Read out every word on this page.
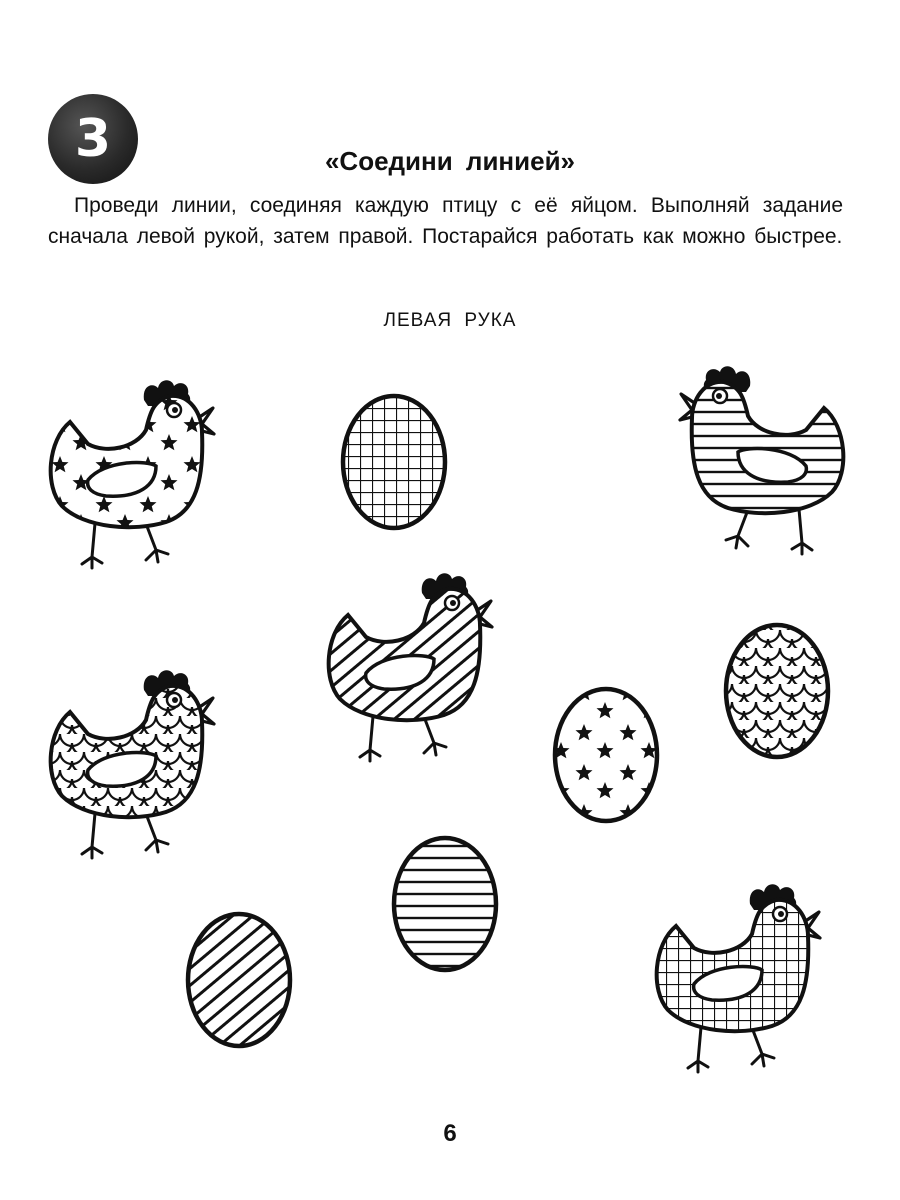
3	«Соедини линией»
Проведи линии, соединяя каждую птицу с её яйцом. Выполняй задание сначала левой рукой, затем правой. Постарайся работать как можно быстрее.
ЛЕВАЯ РУКА
6
